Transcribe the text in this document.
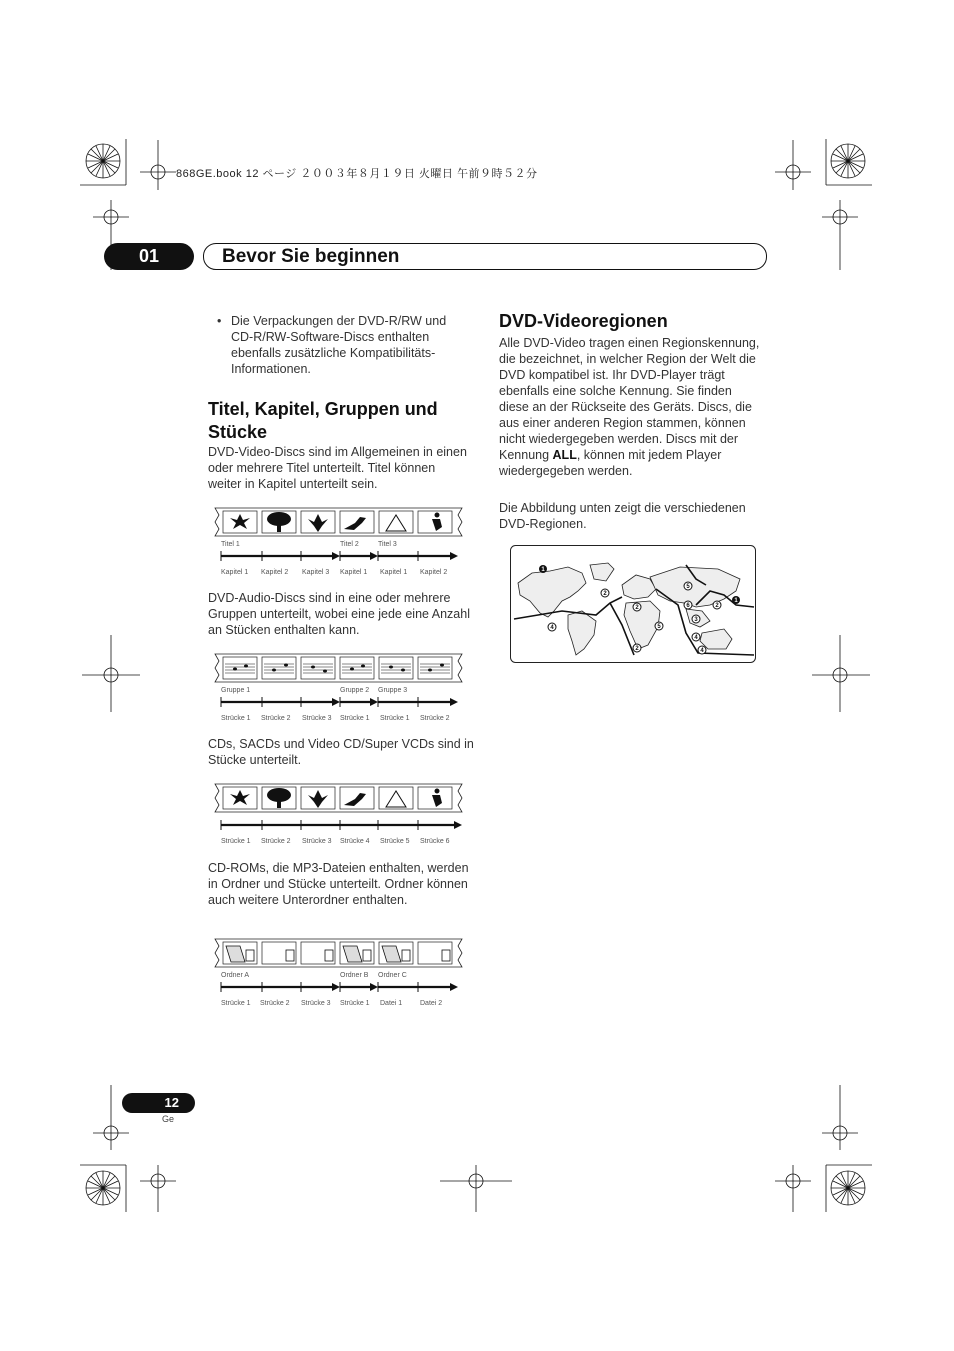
868GE.book 12 ページ ２００３年８月１９日 火曜日 午前９時５２分
01	Bevor Sie beginnen
• Die Verpackungen der DVD-R/RW und CD-R/RW-Software-Discs enthalten ebenfalls zusätzliche Kompatibilitäts-Informationen.
Titel, Kapitel, Gruppen und Stücke
DVD-Video-Discs sind im Allgemeinen in einen oder mehrere Titel unterteilt. Titel können weiter in Kapitel unterteilt sein.
Titel 1	Titel 2	Titel 3
Kapitel 1 Kapitel 2 Kapitel 3 Kapitel 1 Kapitel 1 Kapitel 2
DVD-Audio-Discs sind in eine oder mehrere Gruppen unterteilt, wobei eine jede eine Anzahl an Stücken enthalten kann.
Gruppe 1	Gruppe 2 Gruppe 3
Strücke 1 Strücke 2 Strücke 3 Strücke 1 Strücke 1 Strücke 2
CDs, SACDs und Video CD/Super VCDs sind in Stücke unterteilt.
Strücke 1 Strücke 2 Strücke 3 Strücke 4 Strücke 5 Strücke 6
CD-ROMs, die MP3-Dateien enthalten, werden in Ordner und Stücke unterteilt. Ordner können auch weitere Unterordner enthalten.
Ordner A	Ordner B Ordner C
Strücke 1 Strücke 2 Strücke 3 Strücke 1 Datei 1	Datei 2
DVD-Videoregionen
Alle DVD-Video tragen einen Regionskennung, die bezeichnet, in welcher Region der Welt die DVD kompatibel ist. Ihr DVD-Player trägt ebenfalls eine solche Kennung. Sie finden diese an der Rückseite des Geräts. Discs, die aus einer anderen Region stammen, können nicht wiedergegeben werden. Discs mit der Kennung ALL, können mit jedem Player wiedergegeben werden.
Die Abbildung unten zeigt die verschiedenen DVD-Regionen.
1
2
2
4
5
6	2
1
3
5
4
2	4
12
Ge
